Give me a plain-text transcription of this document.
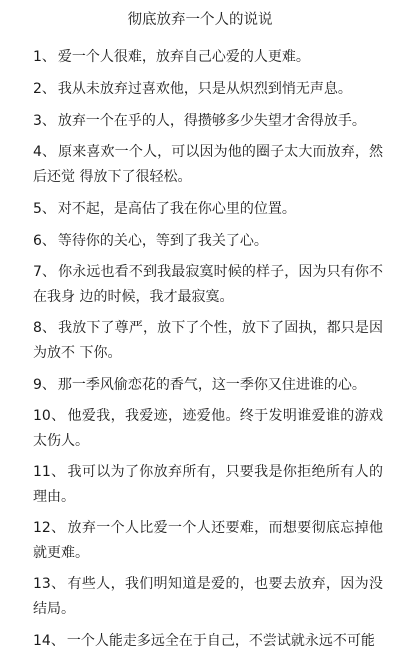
彻底放弃一个人的说说
1、 爱一个人很难，放弃自己心爱的人更难。
2、 我从未放弃过喜欢他，只是从炽烈到悄无声息。
3、 放弃一个在乎的人，得攒够多少失望才舍得放手。
4、 原来喜欢一个人，可以因为他的圈子太大而放弃，然后还觉 得放下了很轻松。
5、 对不起，是高估了我在你心里的位置。
6、 等待你的关心，等到了我关了心。
7、 你永远也看不到我最寂寞时候的样子，因为只有你不在我身 边的时候，我才最寂寞。
8、 我放下了尊严，放下了个性，放下了固执，都只是因为放不 下你。
9、 那一季风偷恋花的香气，这一季你又住进谁的心。
10、 他爱我，我爱迹，迹爱他。终于发明谁爱谁的游戏太伤人。
11、 我可以为了你放弃所有，只要我是你拒绝所有人的理由。
12、 放弃一个人比爱一个人还要难，而想要彻底忘掉他就更难。
13、 有些人，我们明知道是爱的，也要去放弃，因为没结局。
14、 一个人能走多远全在于自己，不尝试就永远不可能
